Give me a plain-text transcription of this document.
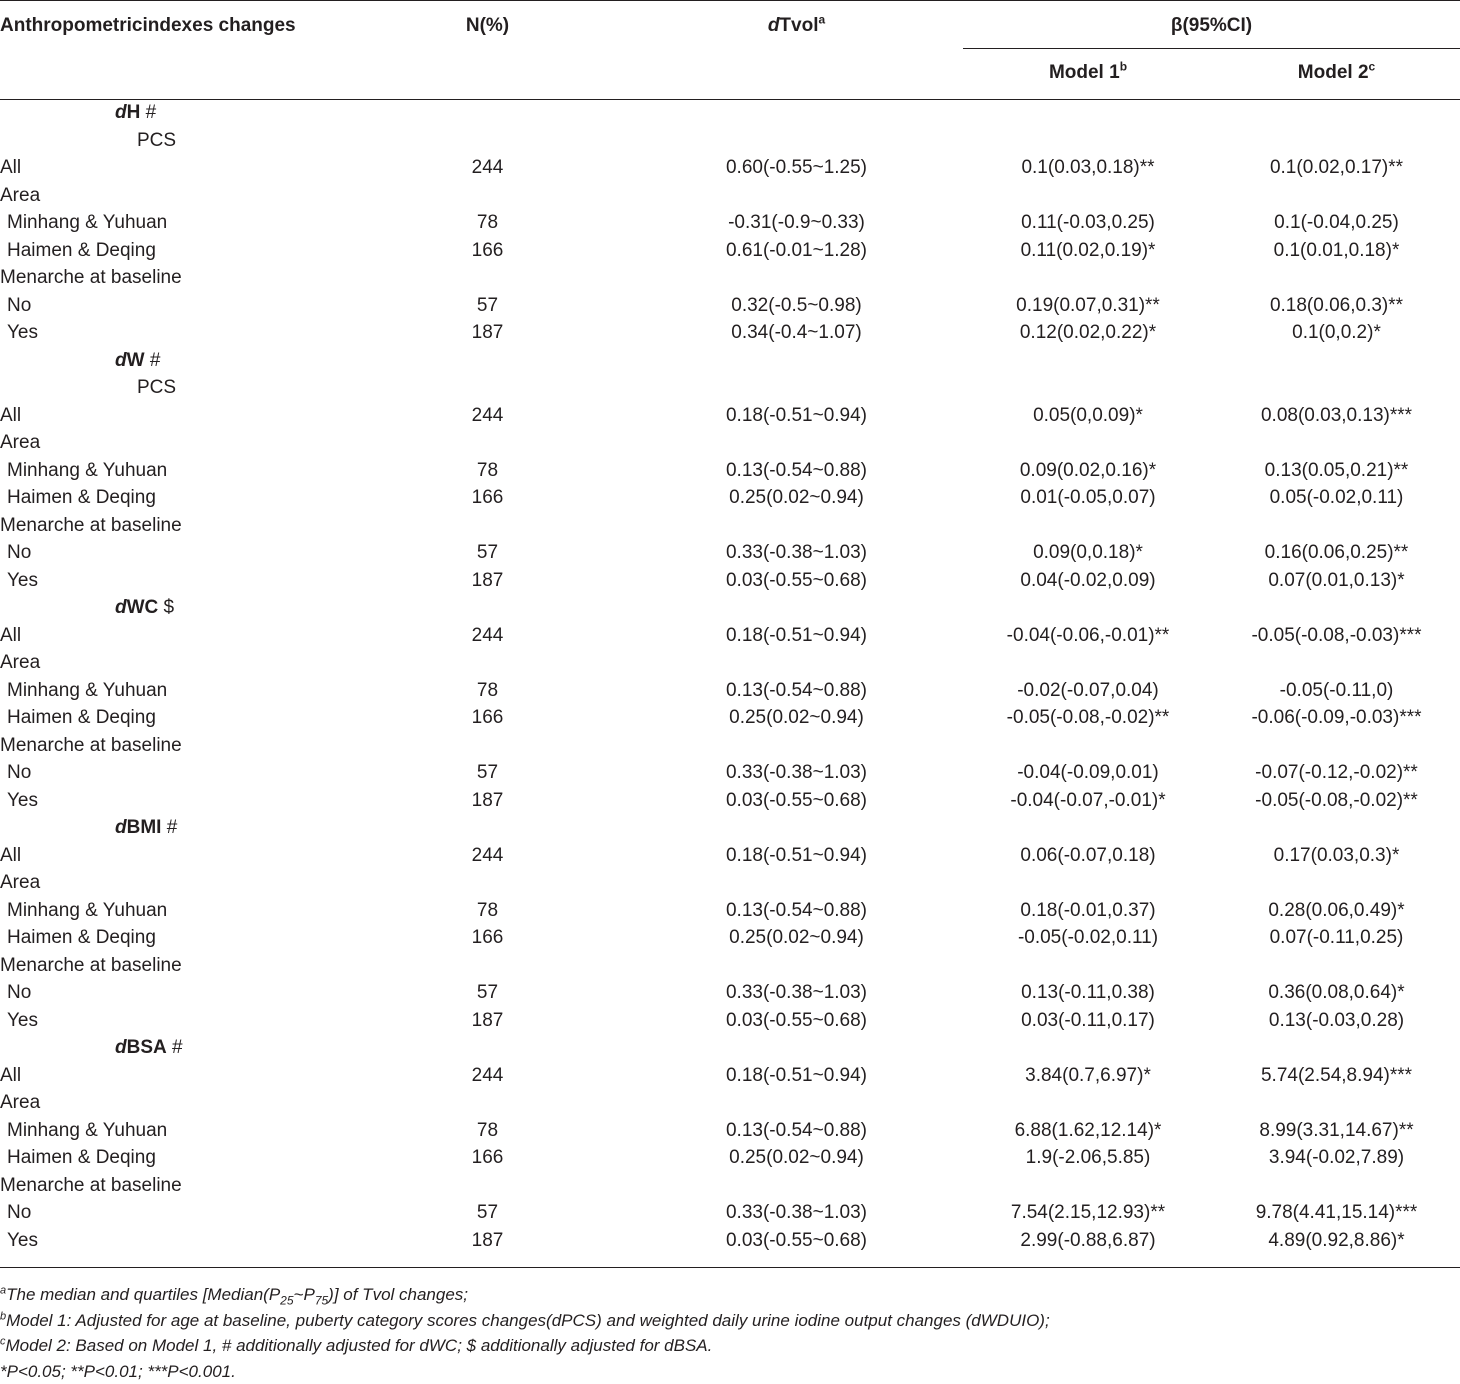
Anthropometricindexes changes	N(%)	dTvol$^a$	β(95%CI)	
			Model 1$^b$	Model 2$^c$
dH #				
PCS				
All	244	0.60(-0.55~1.25)	0.1(0.03,0.18)**	0.1(0.02,0.17)**
Area				
Minhang & Yuhuan	78	-0.31(-0.9~0.33)	0.11(-0.03,0.25)	0.1(-0.04,0.25)
Haimen & Deqing	166	0.61(-0.01~1.28)	0.11(0.02,0.19)*	0.1(0.01,0.18)*
Menarche at baseline				
No	57	0.32(-0.5~0.98)	0.19(0.07,0.31)**	0.18(0.06,0.3)**
Yes	187	0.34(-0.4~1.07)	0.12(0.02,0.22)*	0.1(0,0.2)*
dW #				
PCS				
All	244	0.18(-0.51~0.94)	0.05(0,0.09)*	0.08(0.03,0.13)***
Area				
Minhang & Yuhuan	78	0.13(-0.54~0.88)	0.09(0.02,0.16)*	0.13(0.05,0.21)**
Haimen & Deqing	166	0.25(0.02~0.94)	0.01(-0.05,0.07)	0.05(-0.02,0.11)
Menarche at baseline				
No	57	0.33(-0.38~1.03)	0.09(0,0.18)*	0.16(0.06,0.25)**
Yes	187	0.03(-0.55~0.68)	0.04(-0.02,0.09)	0.07(0.01,0.13)*
dWC $				
All	244	0.18(-0.51~0.94)	-0.04(-0.06,-0.01)**	-0.05(-0.08,-0.03)***
Area				
Minhang & Yuhuan	78	0.13(-0.54~0.88)	-0.02(-0.07,0.04)	-0.05(-0.11,0)
Haimen & Deqing	166	0.25(0.02~0.94)	-0.05(-0.08,-0.02)**	-0.06(-0.09,-0.03)***
Menarche at baseline				
No	57	0.33(-0.38~1.03)	-0.04(-0.09,0.01)	-0.07(-0.12,-0.02)**
Yes	187	0.03(-0.55~0.68)	-0.04(-0.07,-0.01)*	-0.05(-0.08,-0.02)**
dBMI #				
All	244	0.18(-0.51~0.94)	0.06(-0.07,0.18)	0.17(0.03,0.3)*
Area				
Minhang & Yuhuan	78	0.13(-0.54~0.88)	0.18(-0.01,0.37)	0.28(0.06,0.49)*
Haimen & Deqing	166	0.25(0.02~0.94)	-0.05(-0.02,0.11)	0.07(-0.11,0.25)
Menarche at baseline				
No	57	0.33(-0.38~1.03)	0.13(-0.11,0.38)	0.36(0.08,0.64)*
Yes	187	0.03(-0.55~0.68)	0.03(-0.11,0.17)	0.13(-0.03,0.28)
dBSA #				
All	244	0.18(-0.51~0.94)	3.84(0.7,6.97)*	5.74(2.54,8.94)***
Area				
Minhang & Yuhuan	78	0.13(-0.54~0.88)	6.88(1.62,12.14)*	8.99(3.31,14.67)**
Haimen & Deqing	166	0.25(0.02~0.94)	1.9(-2.06,5.85)	3.94(-0.02,7.89)
Menarche at baseline				
No	57	0.33(-0.38~1.03)	7.54(2.15,12.93)**	9.78(4.41,15.14)***
Yes	187	0.03(-0.55~0.68)	2.99(-0.88,6.87)	4.89(0.92,8.86)*
$^a$The median and quartiles $[Median(P_{25}\sim P_{75})]$ of Tvol changes;
$^b$Model 1: Adjusted for age at baseline, puberty category scores changes(dPCS) and weighted daily urine iodine output changes (dWDUIO);
$^c$Model 2: Based on Model 1, # additionally adjusted for dWC; $ additionally adjusted for dBSA.
*P<0.05; **P<0.01; ***P<0.001.
